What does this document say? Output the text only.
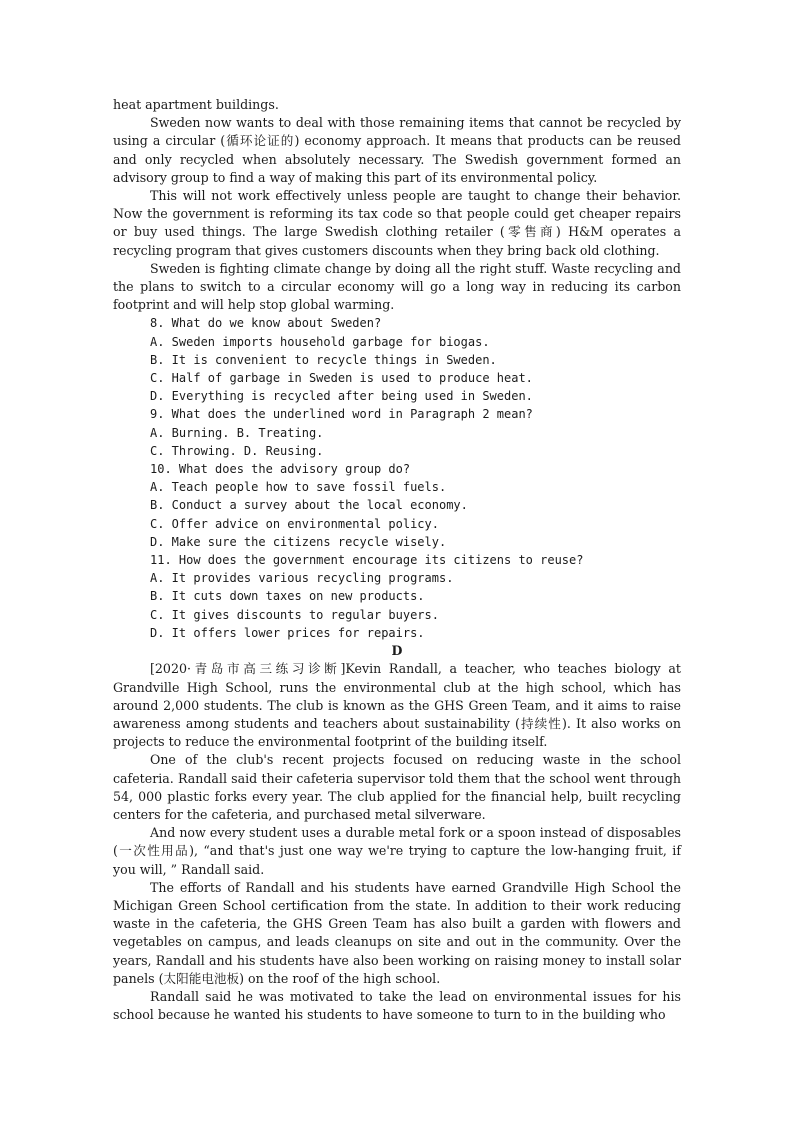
heat apartment buildings.

Sweden now wants to deal with those remaining items that cannot be recycled by using a circular (循环论证的) economy approach. It means that products can be reused and only recycled when absolutely necessary. The Swedish government formed an advisory group to find a way of making this part of its environmental policy.

This will not work effectively unless people are taught to change their behavior. Now the government is reforming its tax code so that people could get cheaper repairs or buy used things. The large Swedish clothing retailer (零售商) H&M operates a recycling program that gives customers discounts when they bring back old clothing.

Sweden is fighting climate change by doing all the right stuff. Waste recycling and the plans to switch to a circular economy will go a long way in reducing its carbon footprint and will help stop global warming.

8. What do we know about Sweden?

A. Sweden imports household garbage for biogas.

B. It is convenient to recycle things in Sweden.

C. Half of garbage in Sweden is used to produce heat.

D. Everything is recycled after being used in Sweden.

9. What does the underlined word in Paragraph 2 mean?

A. Burning. B. Treating.

C. Throwing. D. Reusing.

10. What does the advisory group do?

A. Teach people how to save fossil fuels.

B. Conduct a survey about the local economy.

C. Offer advice on environmental policy.

D. Make sure the citizens recycle wisely.

11. How does the government encourage its citizens to reuse?

A. It provides various recycling programs.

B. It cuts down taxes on new products.

C. It gives discounts to regular buyers.

D. It offers lower prices for repairs.

D

[2020·青岛市高三练习诊断]Kevin Randall, a teacher, who teaches biology at Grandville High School, runs the environmental club at the high school, which has around 2,000 students. The club is known as the GHS Green Team, and it aims to raise awareness among students and teachers about sustainability (持续性). It also works on projects to reduce the environmental footprint of the building itself.

One of the club's recent projects focused on reducing waste in the school cafeteria. Randall said their cafeteria supervisor told them that the school went through 54, 000 plastic forks every year. The club applied for the financial help, built recycling centers for the cafeteria, and purchased metal silverware.

And now every student uses a durable metal fork or a spoon instead of disposables (一次性用品), “and that's just one way we're trying to capture the low-hanging fruit, if you will, ” Randall said.

The efforts of Randall and his students have earned Grandville High School the Michigan Green School certification from the state. In addition to their work reducing waste in the cafeteria, the GHS Green Team has also built a garden with flowers and vegetables on campus, and leads cleanups on site and out in the community. Over the years, Randall and his students have also been working on raising money to install solar panels (太阳能电池板) on the roof of the high school.

Randall said he was motivated to take the lead on environmental issues for his school because he wanted his students to have someone to turn to in the building who
